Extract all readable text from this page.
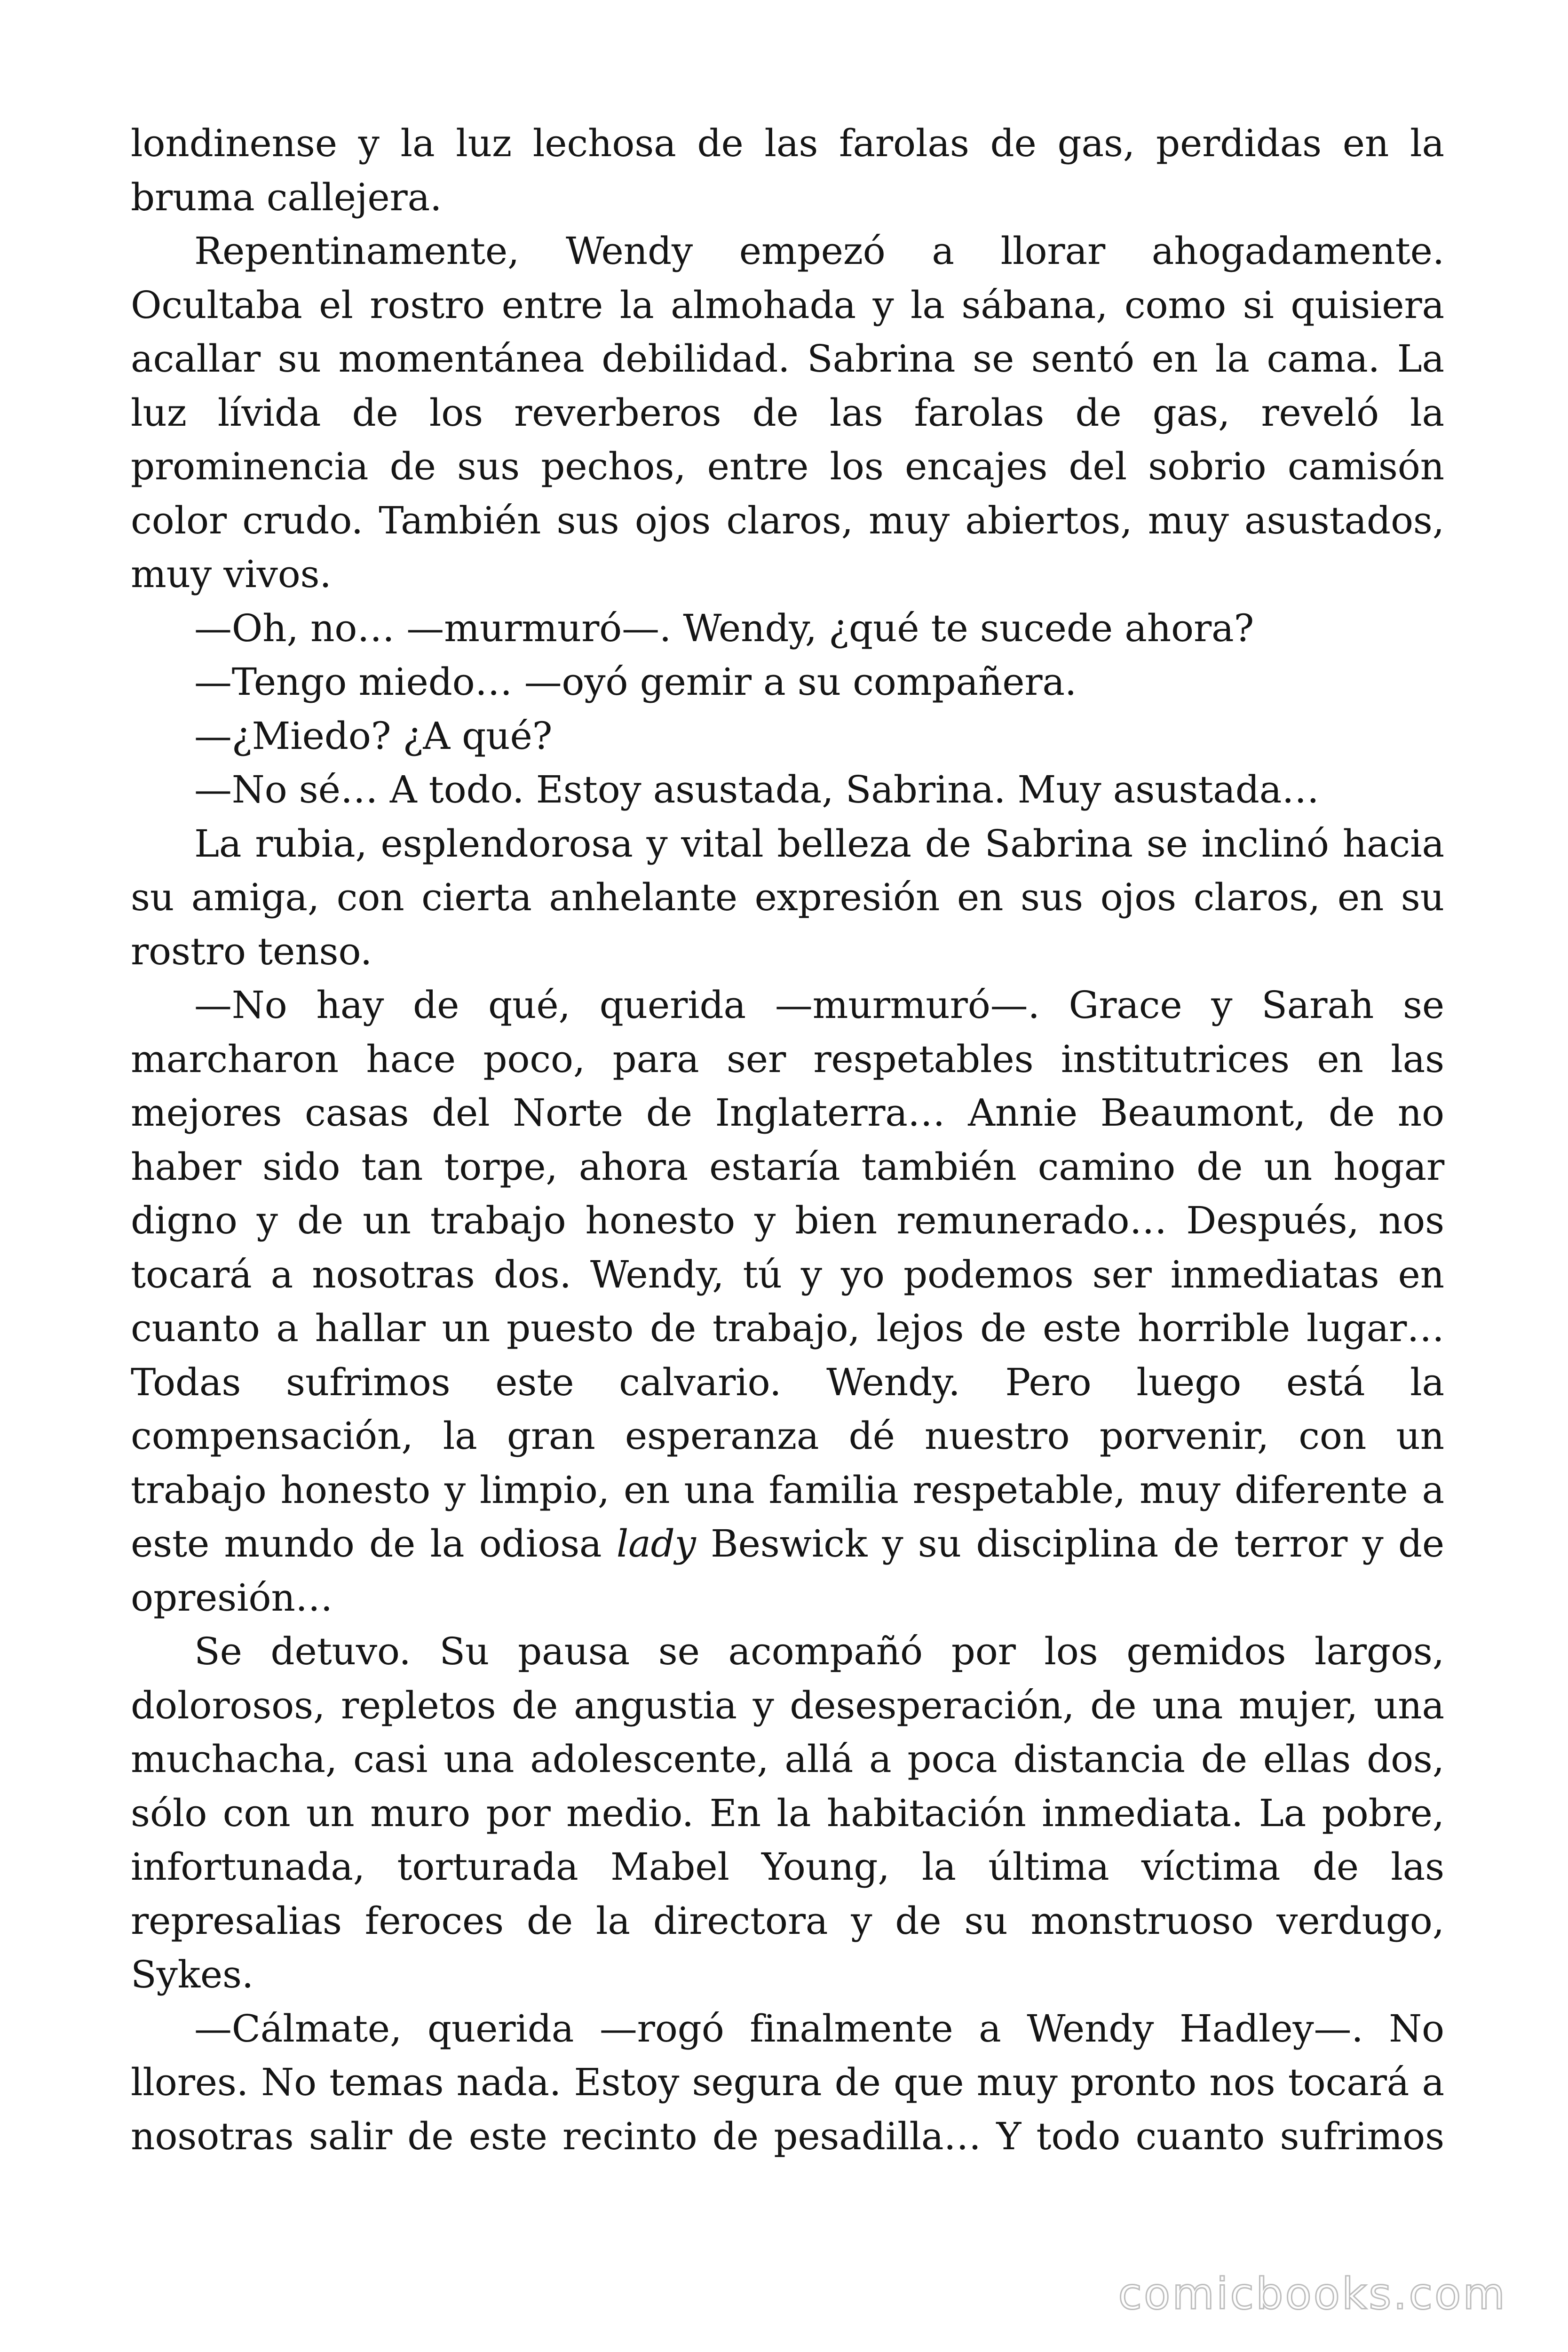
londinense y la luz lechosa de las farolas de gas, perdidas en la bruma callejera.

Repentinamente, Wendy empezó a llorar ahogadamente. Ocultaba el rostro entre la almohada y la sábana, como si quisiera acallar su momentánea debilidad. Sabrina se sentó en la cama. La luz lívida de los reverberos de las farolas de gas, reveló la prominencia de sus pechos, entre los encajes del sobrio camisón color crudo. También sus ojos claros, muy abiertos, muy asustados, muy vivos.

—Oh, no… —murmuró—. Wendy, ¿qué te sucede ahora?

—Tengo miedo… —oyó gemir a su compañera.

—¿Miedo? ¿A qué?

—No sé… A todo. Estoy asustada, Sabrina. Muy asustada…

La rubia, esplendorosa y vital belleza de Sabrina se inclinó hacia su amiga, con cierta anhelante expresión en sus ojos claros, en su rostro tenso.

—No hay de qué, querida —murmuró—. Grace y Sarah se marcharon hace poco, para ser respetables institutrices en las mejores casas del Norte de Inglaterra… Annie Beaumont, de no haber sido tan torpe, ahora estaría también camino de un hogar digno y de un trabajo honesto y bien remunerado… Después, nos tocará a nosotras dos. Wendy, tú y yo podemos ser inmediatas en cuanto a hallar un puesto de trabajo, lejos de este horrible lugar… Todas sufrimos este calvario. Wendy. Pero luego está la compensación, la gran esperanza dé nuestro porvenir, con un trabajo honesto y limpio, en una familia respetable, muy diferente a este mundo de la odiosa lady Beswick y su disciplina de terror y de opresión…

Se detuvo. Su pausa se acompañó por los gemidos largos, dolorosos, repletos de angustia y desesperación, de una mujer, una muchacha, casi una adolescente, allá a poca distancia de ellas dos, sólo con un muro por medio. En la habitación inmediata. La pobre, infortunada, torturada Mabel Young, la última víctima de las represalias feroces de la directora y de su monstruoso verdugo, Sykes.

—Cálmate, querida —rogó finalmente a Wendy Hadley—. No llores. No temas nada. Estoy segura de que muy pronto nos tocará a nosotras salir de este recinto de pesadilla… Y todo cuanto sufrimos

comicbooks.com
